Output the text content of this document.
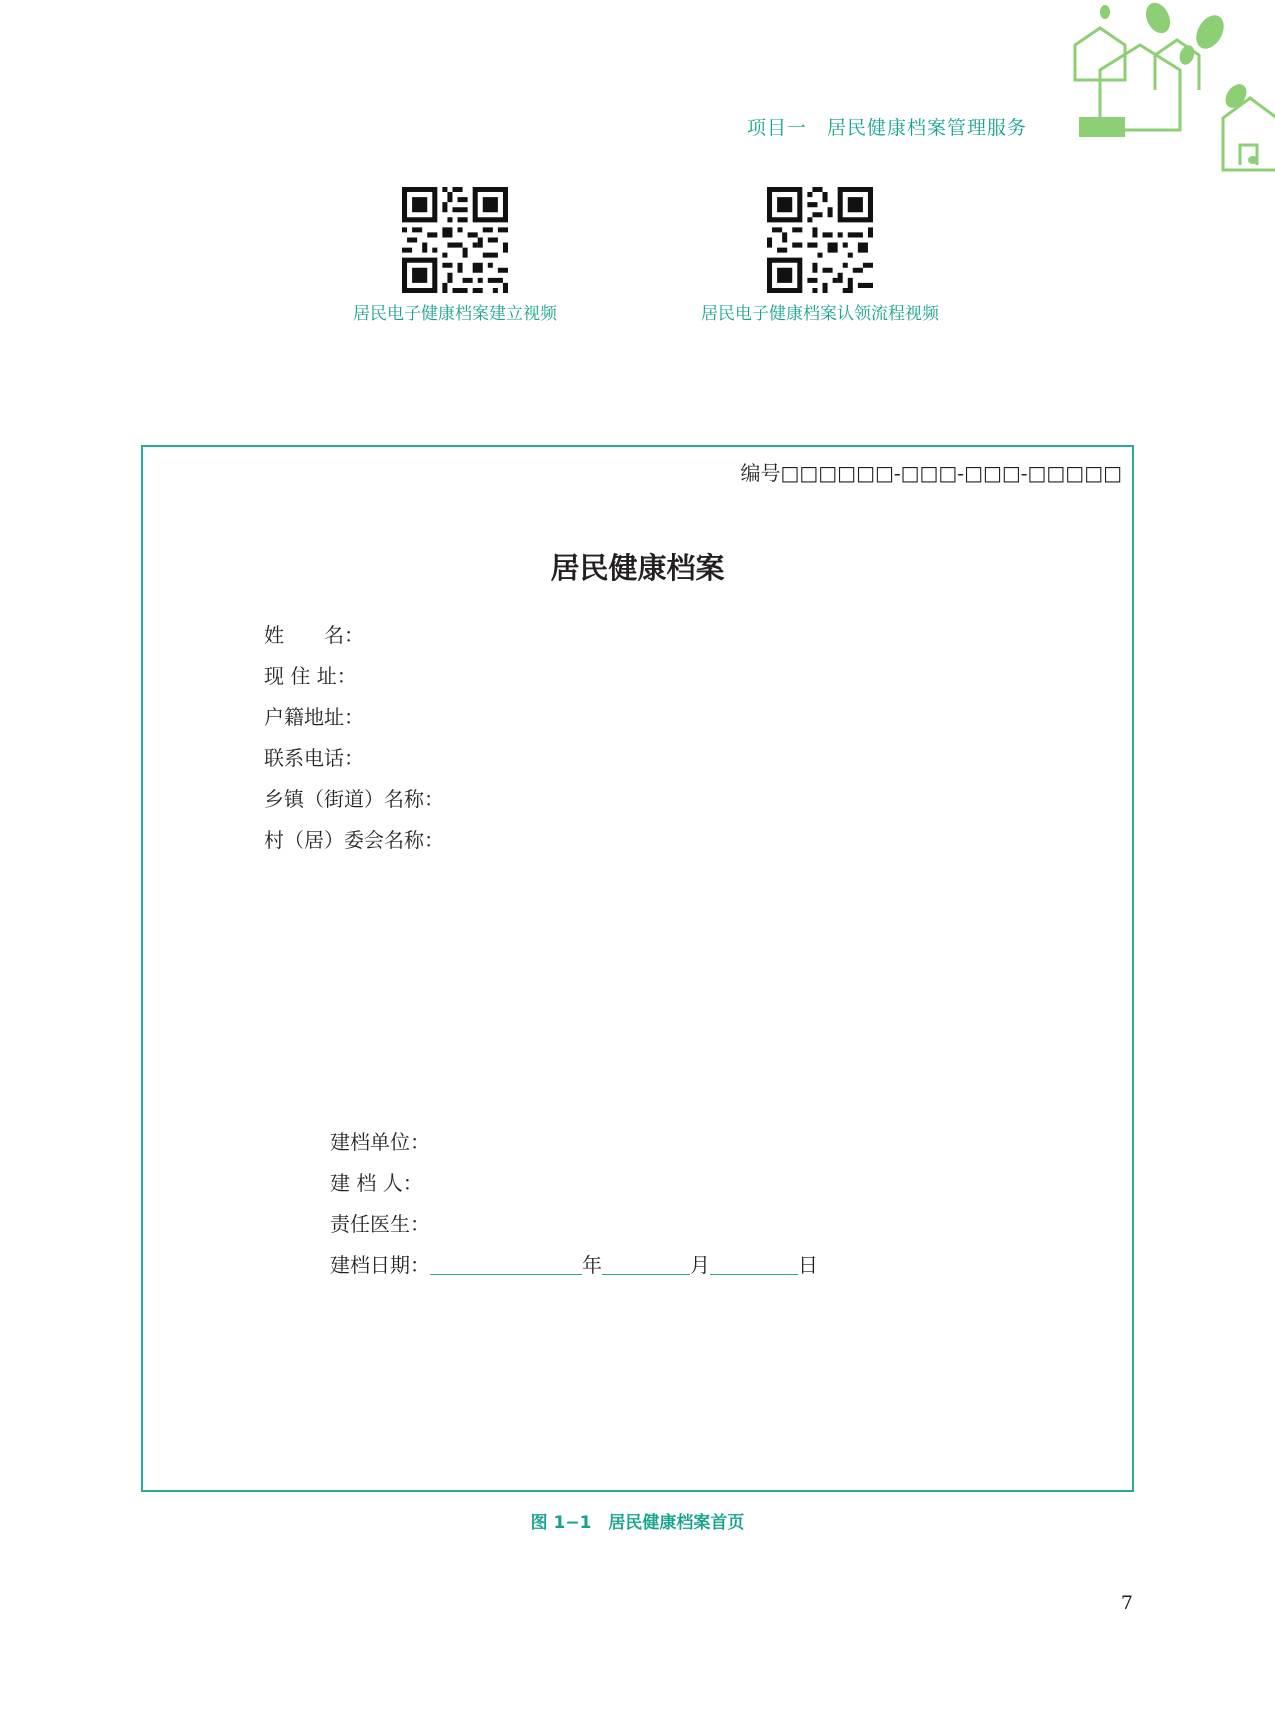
项目一　居民健康档案管理服务
居民电子健康档案建立视频	居民电子健康档案认领流程视频
编号□□□□□□-□□□-□□□-□□□□□
居民健康档案
姓　　名：
现 住 址：
户籍地址：
联系电话：
乡镇（街道）名称：
村（居）委会名称：
建档单位：
建 档 人：
责任医生：
建档日期：	年	月	日
图 1−1　居民健康档案首页
7
